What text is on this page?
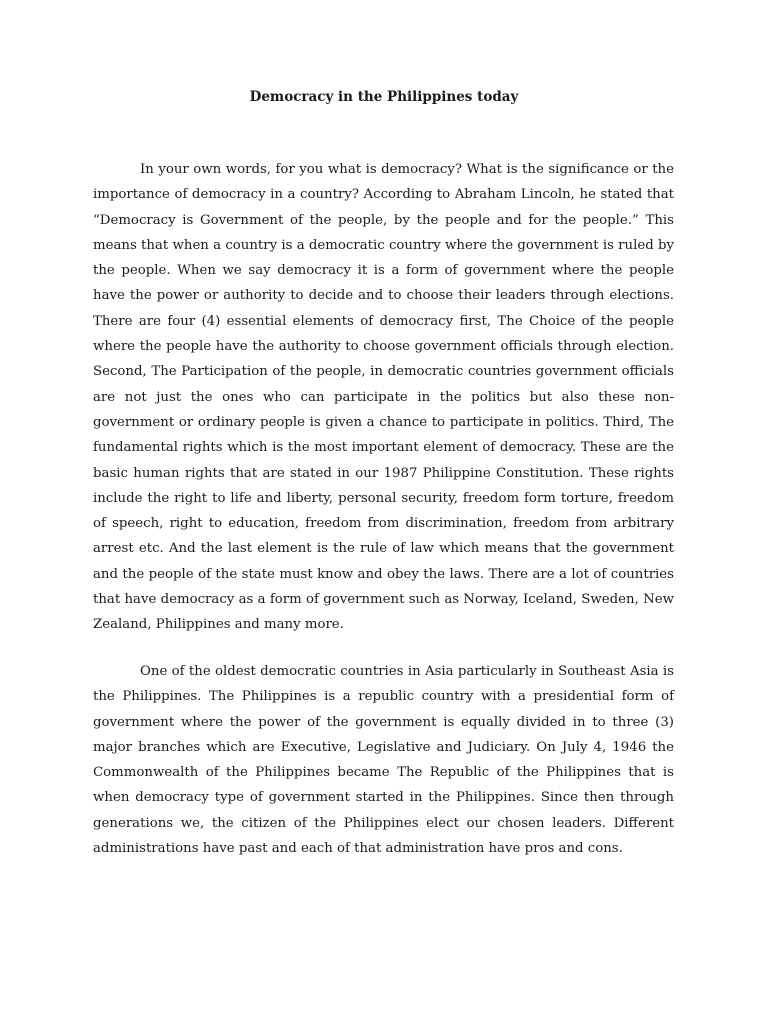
Democracy in the Philippines today

In your own words, for you what is democracy? What is the significance or the importance of democracy in a country? According to Abraham Lincoln, he stated that “Democracy is Government of the people, by the people and for the people.” This means that when a country is a democratic country where the government is ruled by the people. When we say democracy it is a form of government where the people have the power or authority to decide and to choose their leaders through elections. There are four (4) essential elements of democracy first, The Choice of the people where the people have the authority to choose government officials through election. Second, The Participation of the people, in democratic countries government officials are not just the ones who can participate in the politics but also these non-government or ordinary people is given a chance to participate in politics. Third, The fundamental rights which is the most important element of democracy. These are the basic human rights that are stated in our 1987 Philippine Constitution. These rights include the right to life and liberty, personal security, freedom form torture, freedom of speech, right to education, freedom from discrimination, freedom from arbitrary arrest etc. And the last element is the rule of law which means that the government and the people of the state must know and obey the laws. There are a lot of countries that have democracy as a form of government such as Norway, Iceland, Sweden, New Zealand, Philippines and many more.

One of the oldest democratic countries in Asia particularly in Southeast Asia is the Philippines. The Philippines is a republic country with a presidential form of government where the power of the government is equally divided in to three (3) major branches which are Executive, Legislative and Judiciary. On July 4, 1946 the Commonwealth of the Philippines became The Republic of the Philippines that is when democracy type of government started in the Philippines. Since then through generations we, the citizen of the Philippines elect our chosen leaders. Different administrations have past and each of that administration have pros and cons.
